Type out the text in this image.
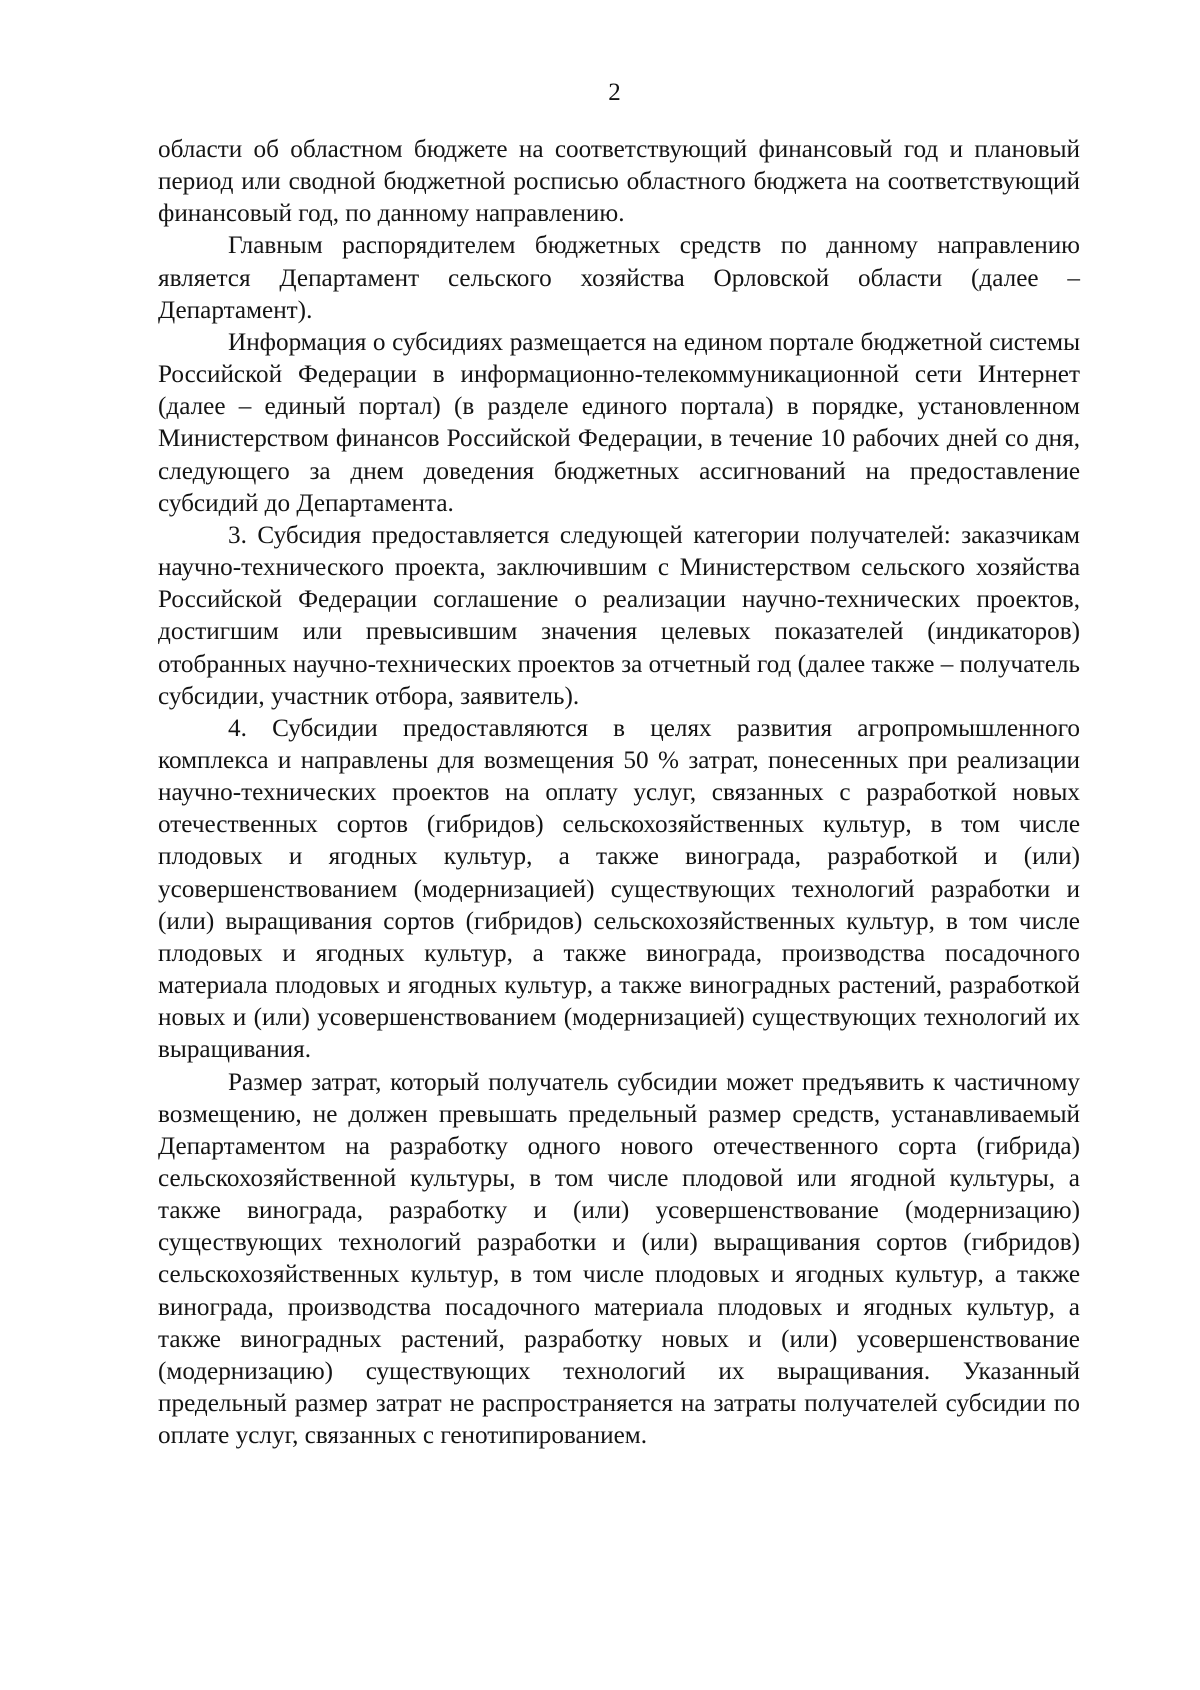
2

области об областном бюджете на соответствующий финансовый год и плановый период или сводной бюджетной росписью областного бюджета на соответствующий финансовый год, по данному направлению.

Главным распорядителем бюджетных средств по данному направлению является Департамент сельского хозяйства Орловской области (далее – Департамент).

Информация о субсидиях размещается на едином портале бюджетной системы Российской Федерации в информационно-телекоммуникационной сети Интернет (далее – единый портал) (в разделе единого портала) в порядке, установленном Министерством финансов Российской Федерации, в течение 10 рабочих дней со дня, следующего за днем доведения бюджетных ассигнований на предоставление субсидий до Департамента.

3. Субсидия предоставляется следующей категории получателей: заказчикам научно-технического проекта, заключившим с Министерством сельского хозяйства Российской Федерации соглашение о реализации научно-технических проектов, достигшим или превысившим значения целевых показателей (индикаторов) отобранных научно-технических проектов за отчетный год (далее также – получатель субсидии, участник отбора, заявитель).

4. Субсидии предоставляются в целях развития агропромышленного комплекса и направлены для возмещения 50 % затрат, понесенных при реализации научно-технических проектов на оплату услуг, связанных с разработкой новых отечественных сортов (гибридов) сельскохозяйственных культур, в том числе плодовых и ягодных культур, а также винограда, разработкой и (или) усовершенствованием (модернизацией) существующих технологий разработки и (или) выращивания сортов (гибридов) сельскохозяйственных культур, в том числе плодовых и ягодных культур, а также винограда, производства посадочного материала плодовых и ягодных культур, а также виноградных растений, разработкой новых и (или) усовершенствованием (модернизацией) существующих технологий их выращивания.

Размер затрат, который получатель субсидии может предъявить к частичному возмещению, не должен превышать предельный размер средств, устанавливаемый Департаментом на разработку одного нового отечественного сорта (гибрида) сельскохозяйственной культуры, в том числе плодовой или ягодной культуры, а также винограда, разработку и (или) усовершенствование (модернизацию) существующих технологий разработки и (или) выращивания сортов (гибридов) сельскохозяйственных культур, в том числе плодовых и ягодных культур, а также винограда, производства посадочного материала плодовых и ягодных культур, а также виноградных растений, разработку новых и (или) усовершенствование (модернизацию) существующих технологий их выращивания. Указанный предельный размер затрат не распространяется на затраты получателей субсидии по оплате услуг, связанных с генотипированием.
